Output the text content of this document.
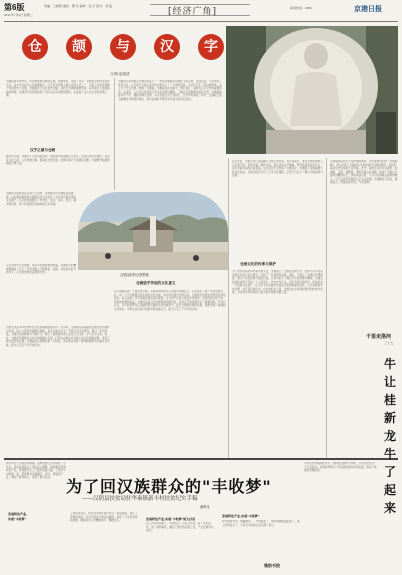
第6版	责编：王晓阳 编校：曹 丹 编审：张 宇 版式：刘 猛
2017年7月4日 星期二	[经济广角]	新闻热线：2356	京港日报
仓	颉	与	汉	字
文/图 赵丽清
仓颉是黄帝的史官，传说他观察鸟兽的足迹，依类象形，创造了文字。仓颉造字的传说流传久远，在中华文化中占有重要地位。汉字作为世界上最古老的文字之一，记录了中华民族数千年的历史与文明。仓颉庙位于白水县史官镇，是纪念仓颉的重要场所，每年吸引大量游客前来拜谒。仓颉造字的传说体现了先民对文字起源的探索，也反映了古人对文字的崇敬之情。
汉字之源与仓颉
据史料记载，仓颉生于白水县阳武村，他在黄帝时期担任左史官，负责记录历史事件。在没有文字之前，人们结绳记事，随着社会的发展，结绳记事已不能满足需要，仓颉便开始探索新的记事方法。
仓颉造字是中国古代神话传说之一。传说仓颉看到鸟兽留下的足迹，受到启发，于是创造了象形文字。汉字的产生标志着中华文明进入了一个新的阶段，对后世产生了深远的影响。后人为了纪念仓颉，修建了仓颉庙。仓颉庙内古柏参天，碑石林立，是研究汉字文化的重要场所。在这里，人们可以感受到汉字文化的博大精深，了解汉字的起源与演变过程。仓颉庙始建年代不详，据庙内碑文记载，东汉延熹五年已有庙宇，历代均有修葺。如今，仓颉庙已成为重要的文物保护单位，每年谷雨时节都会举行盛大的祭祀活动。
仓颉造字的传说在民间广泛流传，各地都有与仓颉相关的遗迹。这些遗迹承载着丰富的历史文化信息，是中华民族宝贵的文化遗产。汉字的发展经历了甲骨文、金文、篆书、隶书、楷书等阶段，每个阶段都有其独特的艺术风格。
仓颉庙前的仓颉塑像
汉字是中华文化的根，是中华民族智慧的结晶。仓颉造字的精神激励着一代又一代的中国人不断探索、创新。在信息化时代的今天，汉字依然焕发着勃勃生机。
仓颉造字传说的文化意义
仓颉文化是中华优秀传统文化的重要组成部分。近年来，当地政府高度重视仓颉文化的保护与传承，投入大量资金修缮仓颉庙，举办仓颉文化节，开展汉字文化研究。通过一系列举措，仓颉文化的影响力不断扩大，吸引了越来越多的人关注汉字文化、学习汉字文化。同时，当地还积极推动文化与旅游融合发展，打造以仓颉文化为核心的文化旅游品牌，带动了地方经济的发展。仓颉庙的古柏群也是一大特色，其中最古老的一棵柏树相传为仓颉亲手所植，距今已有五千多年的历史。
汉字的演变是一个漫长的过程。从最初的象形文字到现代的简化字，汉字经历了数千年的发展变化。每一个汉字都蕴含着丰富的文化内涵，是中华民族历史的见证。仓颉造字的传说虽然带有神话色彩，但它反映了汉字起源的某些真实情况。文字的产生是人类社会发展到一定阶段的必然产物，是集体智慧的结晶。仓颉可能是汉字的整理者和规范者，他对汉字的发展作出了重要贡献。学者们认为，汉字的起源可以追溯到新石器时代的刻画符号，经过长期的积累和发展，逐渐形成了成熟的文字体系。甲骨文是目前已知最早的成熟汉字，距今已有三千多年的历史。
在白水县，仓颉文化已深深融入当地人的生活。每年谷雨节，来自全国各地的人们汇聚于此，祭拜仓颉，缅怀先祖。祭祀活动庄严隆重，既有传统的祭祀仪式，也有丰富多彩的民俗表演。这些活动不仅传承了仓颉文化，也增强了民族凝聚力和文化自信。当地学校还开设了汉字文化课程，让孩子们从小了解汉字的起源与发展。
仓颉文化的传承与保护
为了更好地保护和传承仓颉文化，当地成立了仓颉文化研究会，组织专家学者对仓颉文化进行深入研究，出版了一系列研究成果。同时，还建立了仓颉文化博物馆，展示汉字的起源与演变过程，让更多的人了解汉字文化的博大精深。仓颉文化的传承离不开每一个人的努力。作为中华儿女，我们有责任保护好、传承好这一宝贵的文化遗产，让汉字文化在新时代焕发出更加绚丽的光彩。汉字承载着中华文明，书写着民族历史。在未来的日子里，仓颉文化必将得到更好的传承与发展，为实现中华民族伟大复兴的中国梦贡献力量。
仓颉庙内保存有大量珍贵的碑刻，其中最著名的是《仓颉庙碑》，碑文记载了仓颉的生平事迹和历代修庙情况，具有很高的历史价值和艺术价值。此外，庙内还有许多古建筑，如前殿、正殿、寝殿等，建筑风格古朴典雅，体现了中国古代建筑的精湛技艺。游客来到这里，不仅可以领略古建筑的魅力，还可以感受浓厚的汉字文化氛围。仓颉墓位于庙后，墓冢高大，周围古柏环绕，气氛肃穆。
千里走洛河
三十五
新丰村位于汉阴县华秦镇，是典型的山区贫困村。近年来，县扶贫局驻村工作队深入调研，因地制宜发展特色产业，带领群众走上了脱贫致富之路。工作队与村两委一起，帮助群众发展魔芋、茶叶、养殖等产业，增加了群众收入，改善了群众生活。 为了回汉族群众的"丰收梦"
——汉阴县扶贫局驻华秦镇新丰村扶贫纪实手稿
蒲海龙
发展特色产业,
实现"丰收梦"
工作队进村后，首先对全村贫困户进行了摸底调查，建立了详细的档案。针对不同农户的实际情况，制定了个性化的帮扶措施，确保扶贫工作精准到户、精准到人。	发展特色产业,实现"丰收梦"助力扶贫
在工作队的帮助下，村里成立了专业合作社，统一技术指导、统一收购销售，解决了群众的后顾之忧，产业发展势头良好。
发展特色产业,实现"丰收梦"
如今的新丰村，道路硬化了，环境美化了，群众的腰包鼓起来了，脸上的笑容多了，大家对未来的生活充满了信心。
雅韵书院
牛是农村致富的好帮手。桂新村发展肉牛养殖，让村民的生活一天天好起来。村里的养殖大户带动周边群众共同发展，形成了规模化养殖格局。
牛
让
桂
新
龙
牛
了
起
来
